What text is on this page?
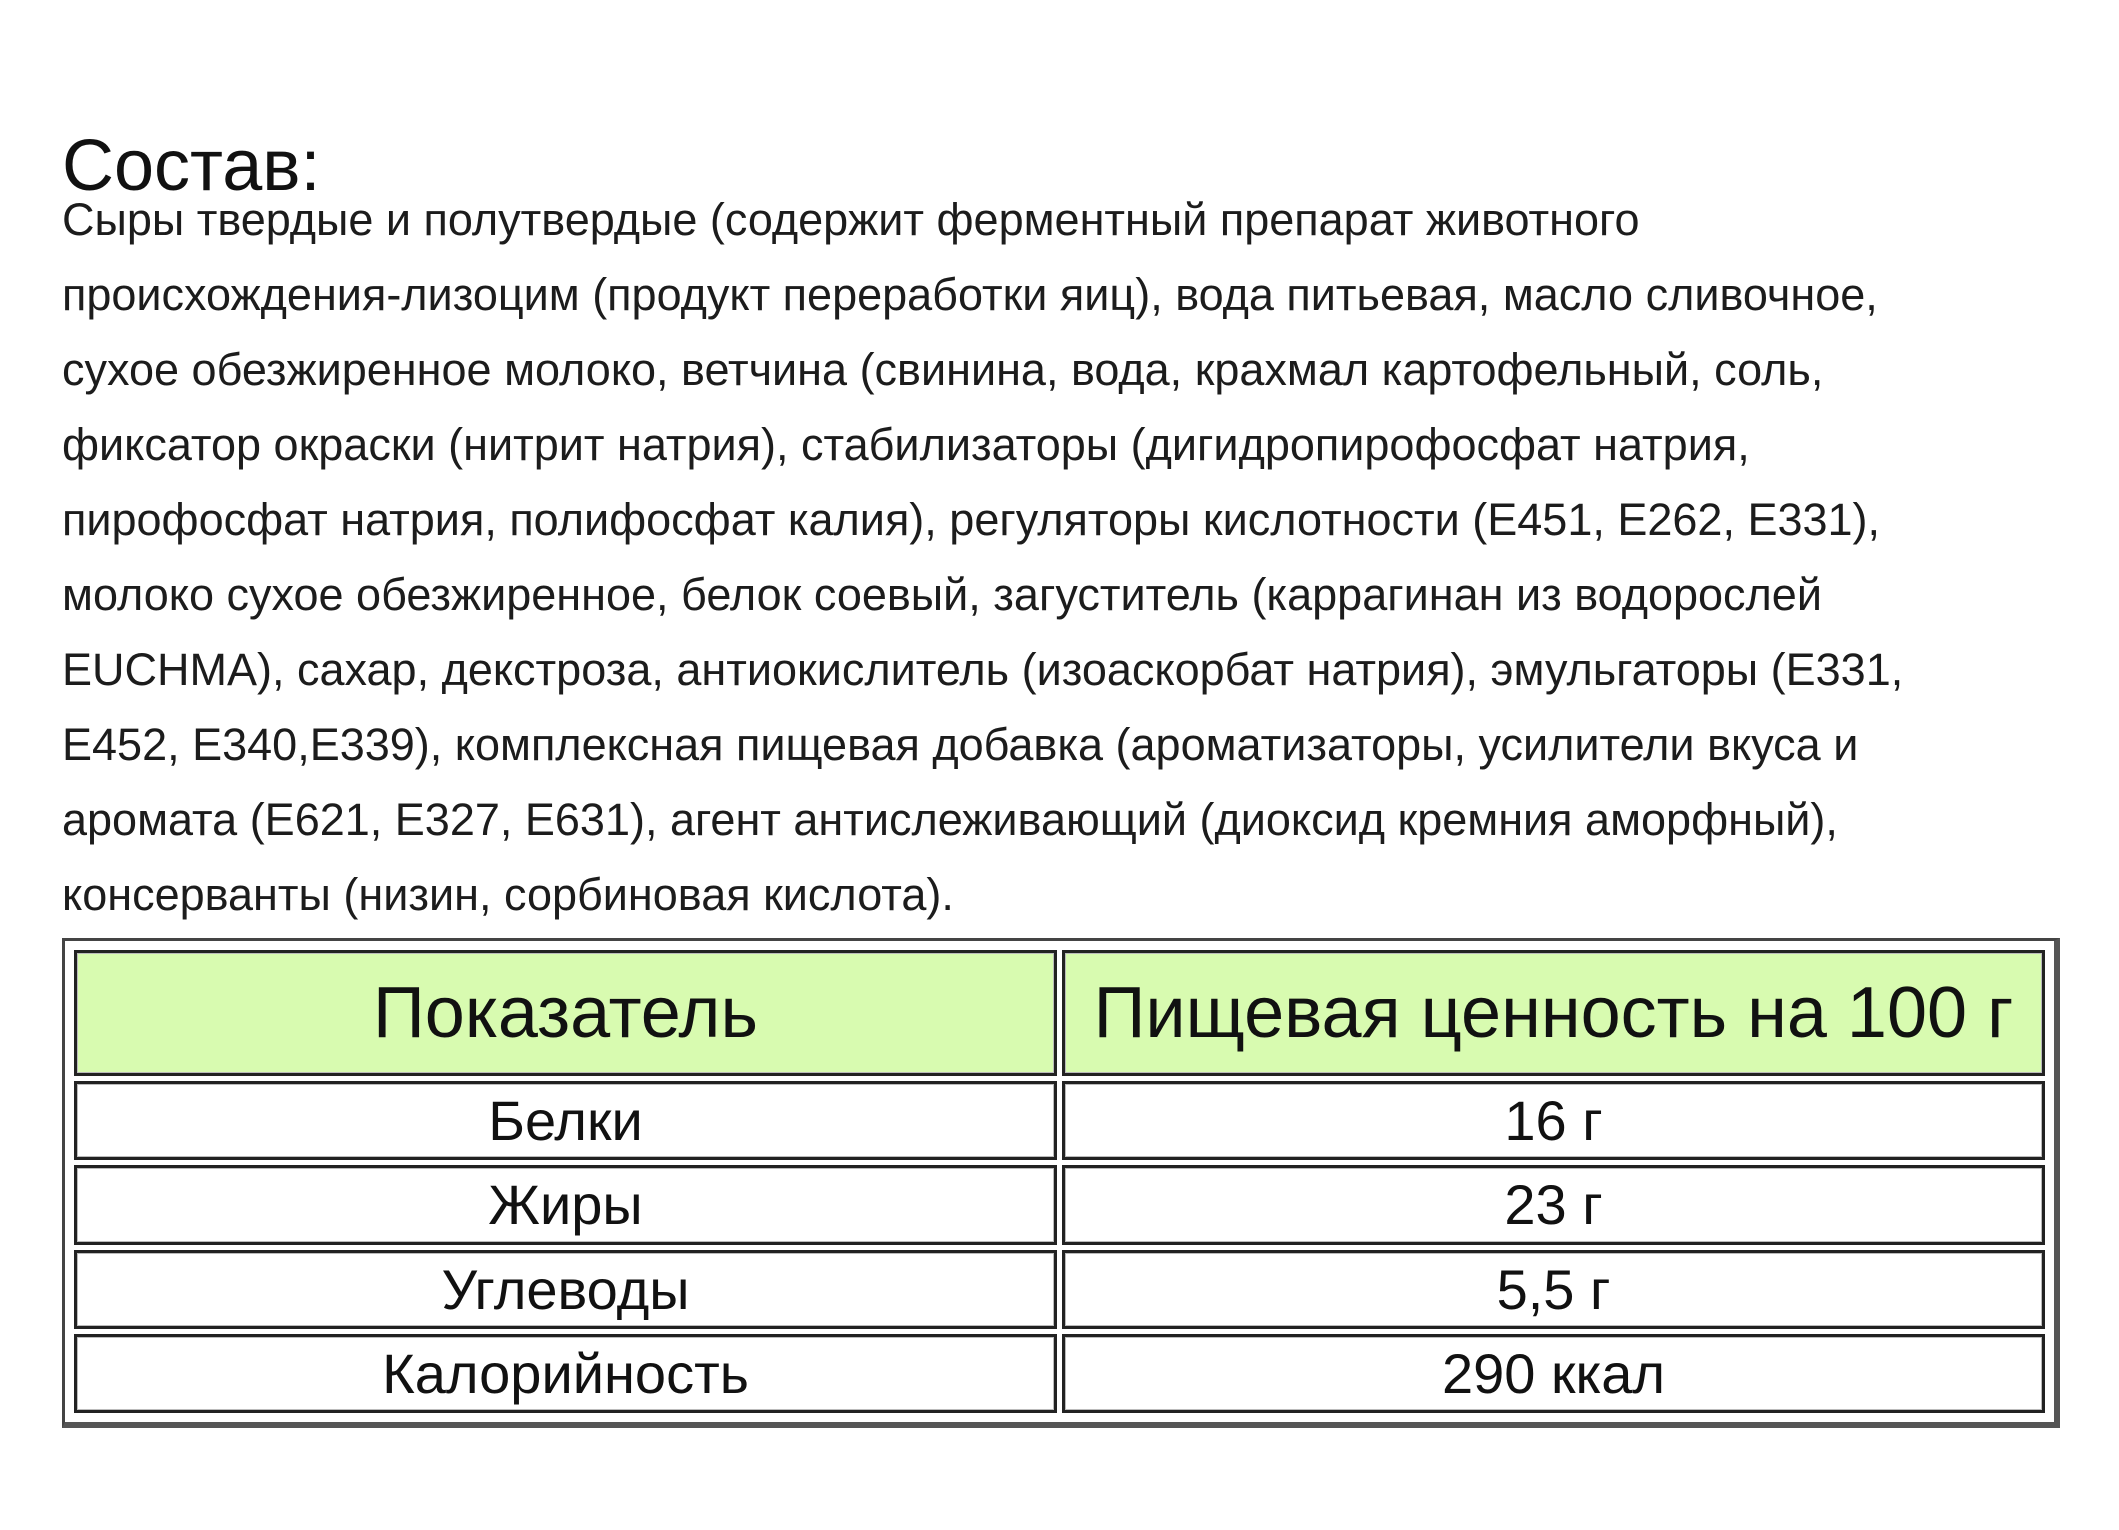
Состав:
Сыры твердые и полутвердые (содержит ферментный препарат животного
происхождения-лизоцим (продукт переработки яиц), вода питьевая, масло сливочное,
сухое обезжиренное молоко, ветчина (свинина, вода, крахмал картофельный, соль,
фиксатор окраски (нитрит натрия), стабилизаторы (дигидропирофосфат натрия,
пирофосфат натрия, полифосфат калия), регуляторы кислотности (E451, E262, E331),
молоко сухое обезжиренное, белок соевый, загуститель (каррагинан из водорослей
EUCHMA), сахар, декстроза, антиокислитель (изоаскорбат натрия), эмульгаторы (E331,
E452, E340,E339), комплексная пищевая добавка (ароматизаторы, усилители вкуса и
аромата (E621, E327, E631), агент антислеживающий (диоксид кремния аморфный),
консерванты (низин, сорбиновая кислота).
Показатель	Пищевая ценность на 100 г
Белки	16 г
Жиры	23 г
Углеводы	5,5 г
Калорийность	290 ккал
